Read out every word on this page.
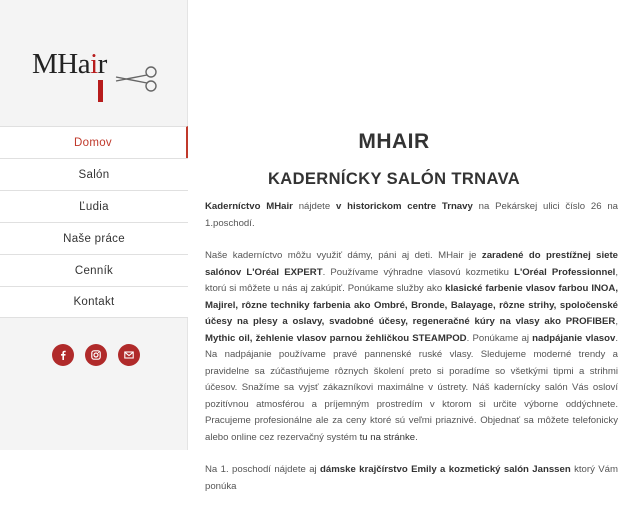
MHair
Domov
Salón
Ľudia
Naše práce
Cenník
Kontakt
MHAIR
KADERNÍCKY SALÓN TRNAVA

Kaderníctvo MHair nájdete v historickom centre Trnavy na Pekárskej ulici číslo 26 na 1.poschodí.

Naše kaderníctvo môžu využiť dámy, páni aj deti. MHair je zaradené do prestížnej siete salónov L'Oréal EXPERT. Používame výhradne vlasovú kozmetiku L'Oréal Professionnel, ktorú si môžete u nás aj zakúpiť. Ponúkame služby ako klasické farbenie vlasov farbou INOA, Majirel, rôzne techniky farbenia ako Ombré, Bronde, Balayage, rôzne strihy, spoločenské účesy na plesy a oslavy, svadobné účesy, regeneračné kúry na vlasy ako PROFIBER, Mythic oil, žehlenie vlasov parnou žehličkou STEAMPOD. Ponúkame aj nadpájanie vlasov. Na nadpájanie používame pravé pannenské ruské vlasy. Sledujeme moderné trendy a pravidelne sa zúčastňujeme rôznych školení preto si poradíme so všetkými tipmi a strihmi účesov. Snažíme sa vyjsť zákazníkovi maximálne v ústrety. Náš kadernícky salón Vás osloví pozitívnou atmosférou a príjemným prostredím v ktorom si určite výborne oddýchnete. Pracujeme profesionálne ale za ceny ktoré sú veľmi priaznivé. Objednať sa môžete telefonicky alebo online cez rezervačný systém tu na stránke.

Na 1. poschodí nájdete aj dámske krajčírstvo Emily a kozmetický salón Janssen ktorý Vám ponúka
